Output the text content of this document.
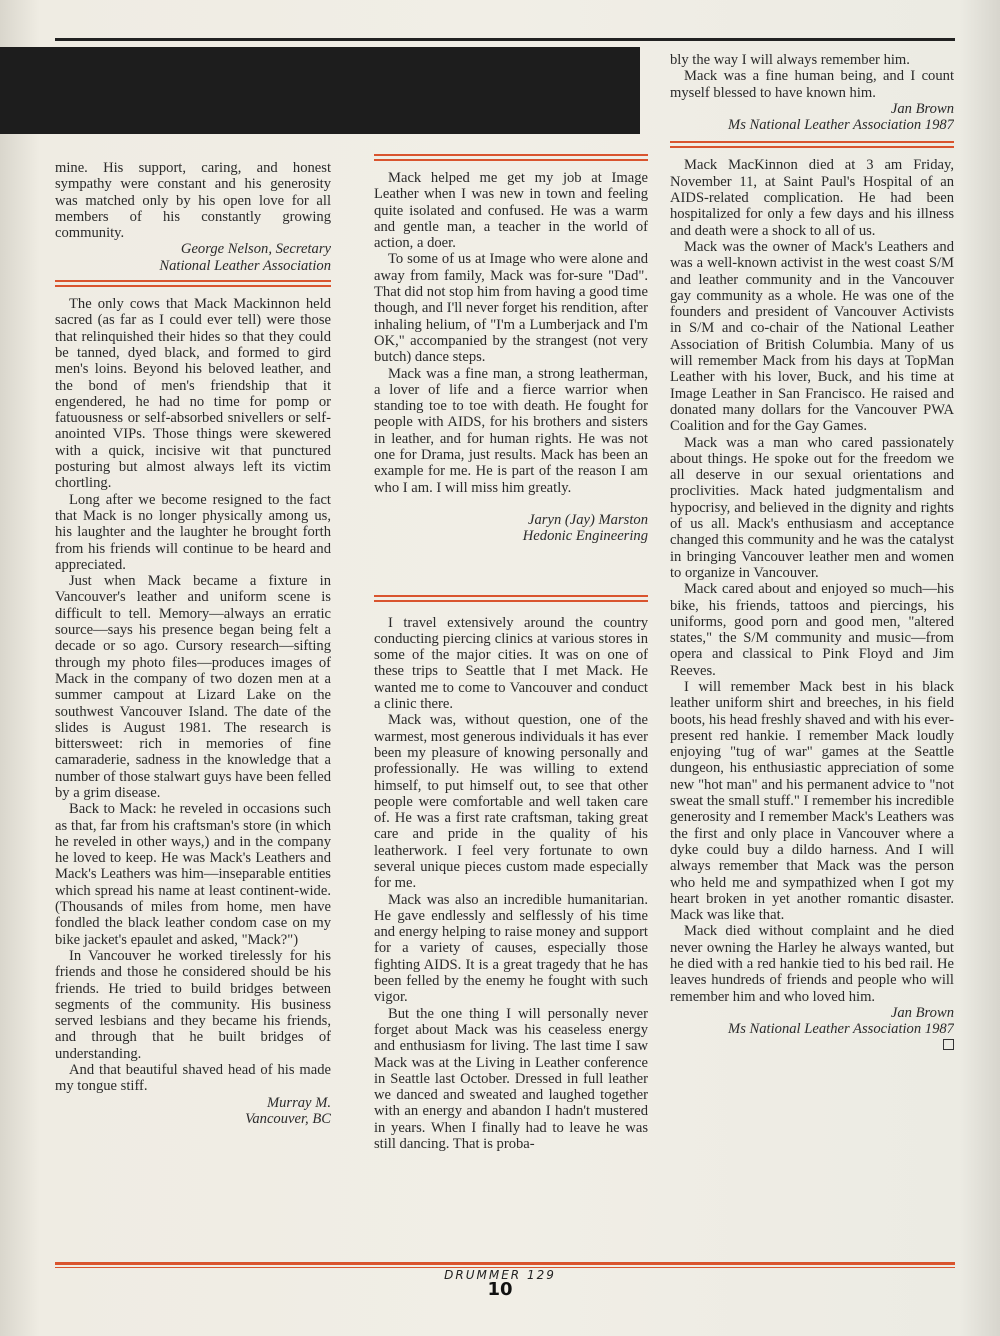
mine. His support, caring, and honest sympathy were constant and his generosity was matched only by his open love for all members of his constantly growing community.

George Nelson, Secretary

National Leather Association

The only cows that Mack Mackinnon held sacred (as far as I could ever tell) were those that relinquished their hides so that they could be tanned, dyed black, and formed to gird men's loins. Beyond his beloved leather, and the bond of men's friendship that it engendered, he had no time for pomp or fatuousness or self-absorbed snivellers or self-anointed VIPs. Those things were skewered with a quick, incisive wit that punctured posturing but almost always left its victim chortling.

Long after we become resigned to the fact that Mack is no longer physically among us, his laughter and the laughter he brought forth from his friends will continue to be heard and appreciated.

Just when Mack became a fixture in Vancouver's leather and uniform scene is difficult to tell. Memory—always an erratic source—says his presence began being felt a decade or so ago. Cursory research—sifting through my photo files—produces images of Mack in the company of two dozen men at a summer campout at Lizard Lake on the southwest Vancouver Island. The date of the slides is August 1981. The research is bittersweet: rich in memories of fine camaraderie, sadness in the knowledge that a number of those stalwart guys have been felled by a grim disease.

Back to Mack: he reveled in occasions such as that, far from his craftsman's store (in which he reveled in other ways,) and in the company he loved to keep. He was Mack's Leathers and Mack's Leathers was him—inseparable entities which spread his name at least continent-wide. (Thousands of miles from home, men have fondled the black leather condom case on my bike jacket's epaulet and asked, "Mack?")

In Vancouver he worked tirelessly for his friends and those he considered should be his friends. He tried to build bridges between segments of the community. His business served lesbians and they became his friends, and through that he built bridges of understanding.

And that beautiful shaved head of his made my tongue stiff.

Murray M.

Vancouver, BC

Mack helped me get my job at Image Leather when I was new in town and feeling quite isolated and confused. He was a warm and gentle man, a teacher in the world of action, a doer.

To some of us at Image who were alone and away from family, Mack was for-sure "Dad". That did not stop him from having a good time though, and I'll never forget his rendition, after inhaling helium, of "I'm a Lumberjack and I'm OK," accompanied by the strangest (not very butch) dance steps.

Mack was a fine man, a strong leatherman, a lover of life and a fierce warrior when standing toe to toe with death. He fought for people with AIDS, for his brothers and sisters in leather, and for human rights. He was not one for Drama, just results. Mack has been an example for me. He is part of the reason I am who I am. I will miss him greatly.

Jaryn (Jay) Marston

Hedonic Engineering

I travel extensively around the country conducting piercing clinics at various stores in some of the major cities. It was on one of these trips to Seattle that I met Mack. He wanted me to come to Vancouver and conduct a clinic there.

Mack was, without question, one of the warmest, most generous individuals it has ever been my pleasure of knowing personally and professionally. He was willing to extend himself, to put himself out, to see that other people were comfortable and well taken care of. He was a first rate craftsman, taking great care and pride in the quality of his leatherwork. I feel very fortunate to own several unique pieces custom made especially for me.

Mack was also an incredible humanitarian. He gave endlessly and selflessly of his time and energy helping to raise money and support for a variety of causes, especially those fighting AIDS. It is a great tragedy that he has been felled by the enemy he fought with such vigor.

But the one thing I will personally never forget about Mack was his ceaseless energy and enthusiasm for living. The last time I saw Mack was at the Living in Leather conference in Seattle last October. Dressed in full leather we danced and sweated and laughed together with an energy and abandon I hadn't mustered in years. When I finally had to leave he was still dancing. That is proba-

bly the way I will always remember him.

Mack was a fine human being, and I count myself blessed to have known him.

Jan Brown

Ms National Leather Association 1987

Mack MacKinnon died at 3 am Friday, November 11, at Saint Paul's Hospital of an AIDS-related complication. He had been hospitalized for only a few days and his illness and death were a shock to all of us.

Mack was the owner of Mack's Leathers and was a well-known activist in the west coast S/M and leather community and in the Vancouver gay community as a whole. He was one of the founders and president of Vancouver Activists in S/M and co-chair of the National Leather Association of British Columbia. Many of us will remember Mack from his days at TopMan Leather with his lover, Buck, and his time at Image Leather in San Francisco. He raised and donated many dollars for the Vancouver PWA Coalition and for the Gay Games.

Mack was a man who cared passionately about things. He spoke out for the freedom we all deserve in our sexual orientations and proclivities. Mack hated judgmentalism and hypocrisy, and believed in the dignity and rights of us all. Mack's enthusiasm and acceptance changed this community and he was the catalyst in bringing Vancouver leather men and women to organize in Vancouver.

Mack cared about and enjoyed so much—his bike, his friends, tattoos and piercings, his uniforms, good porn and good men, "altered states," the S/M community and music—from opera and classical to Pink Floyd and Jim Reeves.

I will remember Mack best in his black leather uniform shirt and breeches, in his field boots, his head freshly shaved and with his ever-present red hankie. I remember Mack loudly enjoying "tug of war" games at the Seattle dungeon, his enthusiastic appreciation of some new "hot man" and his permanent advice to "not sweat the small stuff." I remember his incredible generosity and I remember Mack's Leathers was the first and only place in Vancouver where a dyke could buy a dildo harness. And I will always remember that Mack was the person who held me and sympathized when I got my heart broken in yet another romantic disaster. Mack was like that.

Mack died without complaint and he died never owning the Harley he always wanted, but he died with a red hankie tied to his bed rail. He leaves hundreds of friends and people who will remember him and who loved him.

Jan Brown

Ms National Leather Association 1987

DRUMMER 129
10
